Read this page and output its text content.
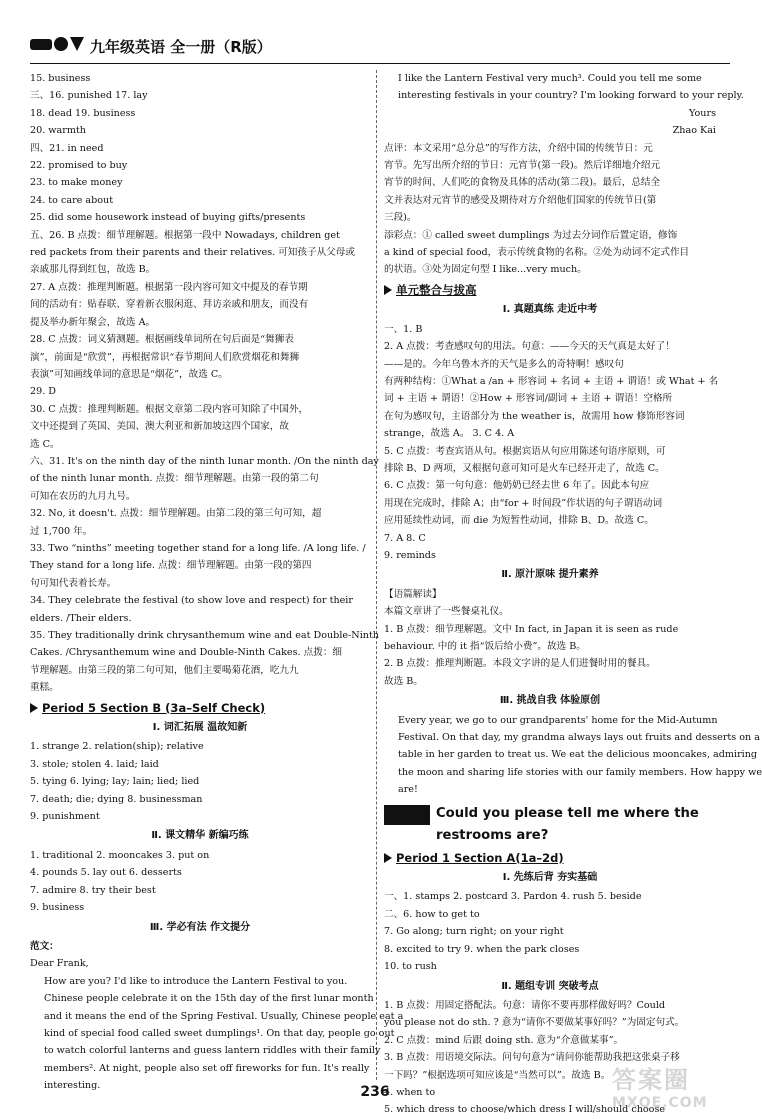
九年级英语 全一册（R版）
15. business
三、16. punished 17. lay
18. dead 19. business
20. warmth
四、21. in need
22. promised to buy
23. to make money
24. to care about
25. did some housework instead of buying gifts/presents
五、26. B 点拨：细节理解题。根据第一段中 Nowadays, children get
red packets from their parents and their relatives. 可知孩子从父母或
亲戚那儿得到红包，故选 B。
27. A 点拨：推理判断题。根据第一段内容可知文中提及的春节期
间的活动有：贴春联、穿着新衣服闲逛、拜访亲戚和朋友，而没有
提及举办新年聚会，故选 A。
28. C 点拨：词义猜测题。根据画线单词所在句后面是“舞狮表
演”，前面是“欣赏”，再根据常识“春节期间人们欣赏烟花和舞狮
表演”可知画线单词的意思是“烟花”，故选 C。
29. D
30. C 点拨：推理判断题。根据文章第二段内容可知除了中国外，
文中还提到了英国、美国、澳大利亚和新加坡这四个国家，故
选 C。
六、31. It's on the ninth day of the ninth lunar month. /On the ninth day
of the ninth lunar month. 点拨：细节理解题。由第一段的第二句
可知在农历的九月九号。
32. No, it doesn't. 点拨：细节理解题。由第二段的第三句可知，超
过 1,700 年。
33. Two “ninths” meeting together stand for a long life. /A long life. /
They stand for a long life. 点拨：细节理解题。由第一段的第四
句可知代表着长寿。
34. They celebrate the festival (to show love and respect) for their
elders. /Their elders.
35. They traditionally drink chrysanthemum wine and eat Double-Ninth
Cakes. /Chrysanthemum wine and Double-Ninth Cakes. 点拨：细
节理解题。由第三段的第二句可知，他们主要喝菊花酒，吃九九
重糕。
Period 5 Section B (3a–Self Check)
Ⅰ. 词汇拓展 温故知新
1. strange 2. relation(ship); relative
3. stole; stolen 4. laid; laid
5. tying 6. lying; lay; lain; lied; lied
7. death; die; dying 8. businessman
9. punishment
Ⅱ. 课文精华 新编巧练
1. traditional 2. mooncakes 3. put on
4. pounds 5. lay out 6. desserts
7. admire 8. try their best
9. business
Ⅲ. 学必有法 作文提分
范文：
Dear Frank,
How are you? I'd like to introduce the Lantern Festival to you.
Chinese people celebrate it on the 15th day of the first lunar month
and it means the end of the Spring Festival. Usually, Chinese people eat a
kind of special food called sweet dumplings¹. On that day, people go out
to watch colorful lanterns and guess lantern riddles with their family
members². At night, people also set off fireworks for fun. It's really
interesting.
I like the Lantern Festival very much³. Could you tell me some
interesting festivals in your country? I'm looking forward to your reply.
Yours
Zhao Kai
点评：本文采用“总分总”的写作方法，介绍中国的传统节日：元
宵节。先写出所介绍的节日：元宵节(第一段)。然后详细地介绍元
宵节的时间、人们吃的食物及具体的活动(第二段)。最后，总结全
文并表达对元宵节的感受及期待对方介绍他们国家的传统节日(第
三段)。
添彩点：① called sweet dumplings 为过去分词作后置定语，修饰
a kind of special food，表示传统食物的名称。②处为动词不定式作目
的状语。③处为固定句型 I like...very much。
单元整合与拔高
Ⅰ. 真题真练 走近中考
一、1. B
2. A 点拨：考查感叹句的用法。句意：——今天的天气真是太好了！
——是的。今年乌鲁木齐的天气是多么的奇特啊！感叹句
有两种结构：①What a /an + 形容词 + 名词 + 主语 + 谓语！或 What + 名
词 + 主语 + 谓语！②How + 形容词/副词 + 主语 + 谓语！空格所
在句为感叹句，主语部分为 the weather is，故需用 how 修饰形容词
strange，故选 A。 3. C 4. A
5. C 点拨：考查宾语从句。根据宾语从句应用陈述句语序原则，可
排除 B、D 两项，又根据句意可知可是火车已经开走了，故选 C。
6. C 点拨：第一句句意：他奶奶已经去世 6 年了。因此本句应
用现在完成时，排除 A；由“for + 时间段”作状语的句子谓语动词
应用延续性动词，而 die 为短暂性动词，排除 B、D。故选 C。
7. A 8. C
9. reminds
Ⅱ. 原汁原味 提升素养
【语篇解读】
本篇文章讲了一些餐桌礼仪。
1. B 点拨：细节理解题。文中 In fact, in Japan it is seen as rude
behaviour. 中的 it 指“饭后给小费”。故选 B。
2. B 点拨：推理判断题。本段文字讲的是人们进餐时用的餐具。
故选 B。
Ⅲ. 挑战自我 体验原创
Every year, we go to our grandparents' home for the Mid-Autumn
Festival. On that day, my grandma always lays out fruits and desserts on a
table in her garden to treat us. We eat the delicious mooncakes, admiring
the moon and sharing life stories with our family members. How happy we
are!
Could you please tell me where the
restrooms are?
Period 1 Section A(1a–2d)
Ⅰ. 先练后背 夯实基础
一、1. stamps 2. postcard 3. Pardon 4. rush 5. beside
二、6. how to get to
7. Go along; turn right; on your right
8. excited to try 9. when the park closes
10. to rush
Ⅱ. 题组专训 突破考点
1. B 点拨：用固定搭配法。句意：请你不要再那样做好吗？Could
you please not do sth. ? 意为“请你不要做某事好吗？”为固定句式。
2. C 点拨：mind 后跟 doing sth. 意为“介意做某事”。
3. B 点拨：用语境交际法。问句句意为“请问你能帮助我把这张桌子移
一下吗？”根据选项可知应该是“当然可以”。故选 B。
4. when to
5. which dress to choose/which dress I will/should choose
236	答案圈
MXQE.COM
